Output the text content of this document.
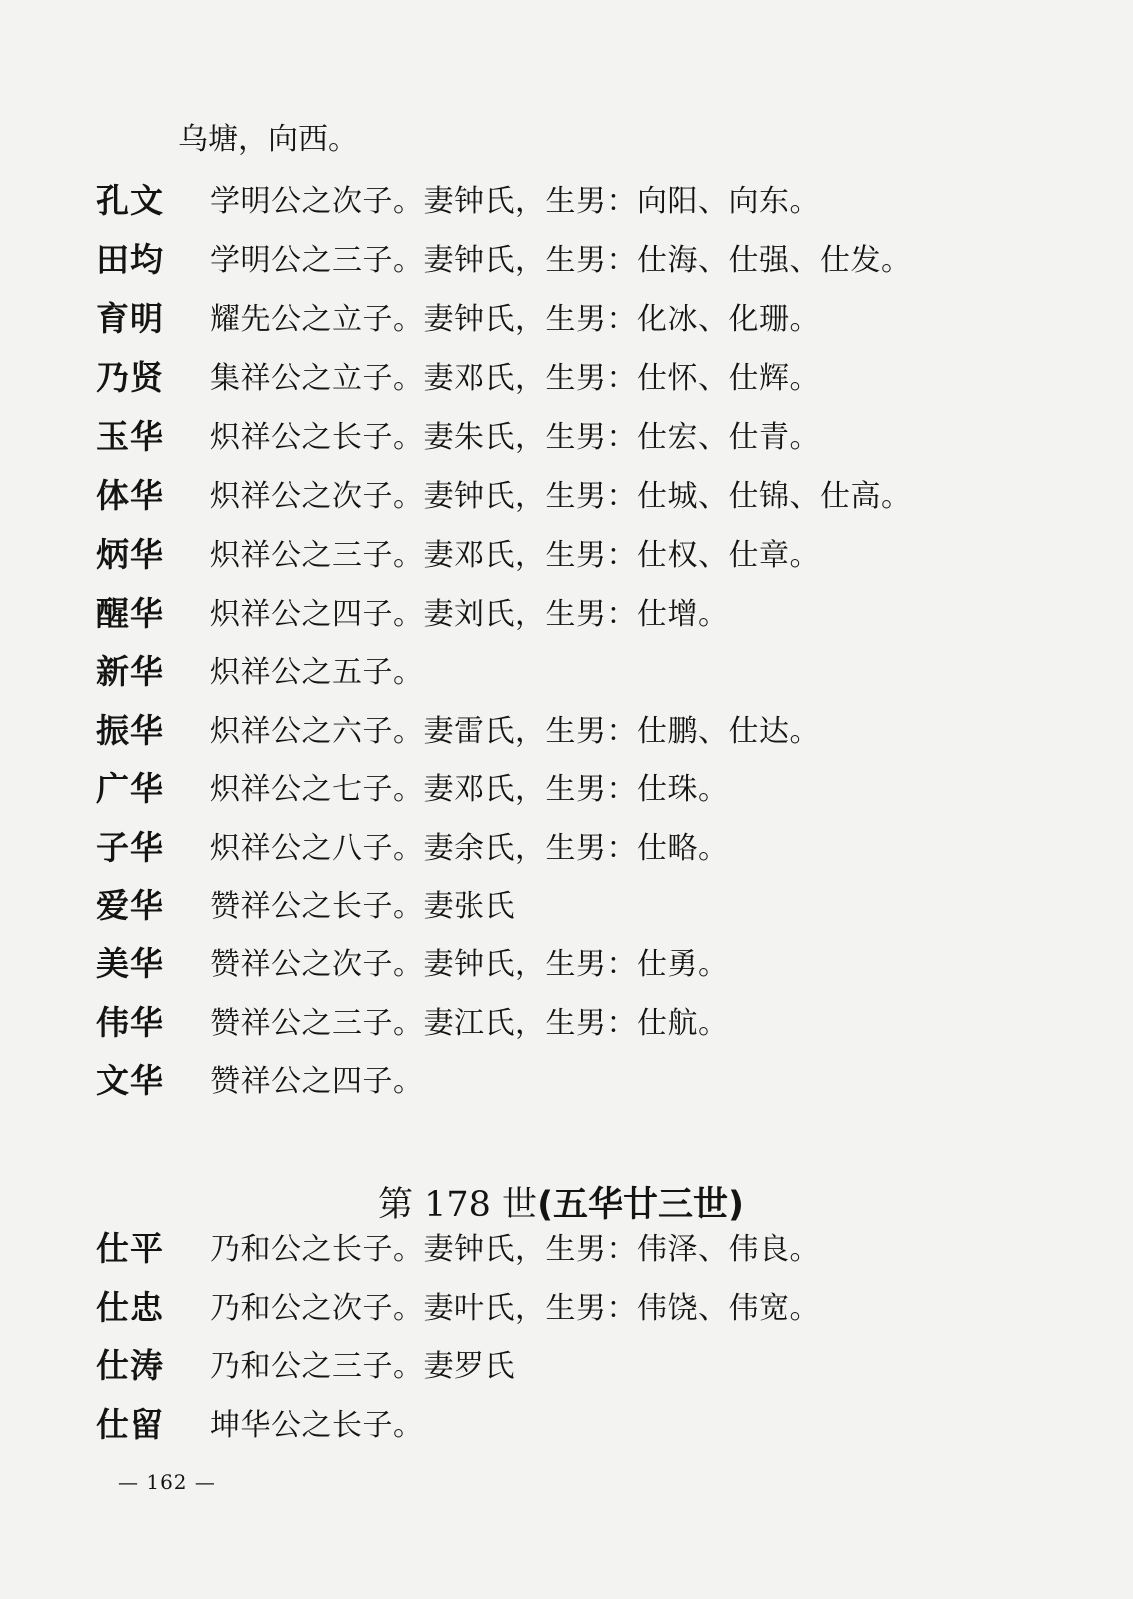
乌塘，向西。
孔文	学明公之次子。妻钟氏，生男：向阳、向东。
田均	学明公之三子。妻钟氏，生男：仕海、仕强、仕发。
育明	耀先公之立子。妻钟氏，生男：化冰、化珊。
乃贤	集祥公之立子。妻邓氏，生男：仕怀、仕辉。
玉华	炽祥公之长子。妻朱氏，生男：仕宏、仕青。
体华	炽祥公之次子。妻钟氏，生男：仕城、仕锦、仕高。
炳华	炽祥公之三子。妻邓氏，生男：仕权、仕章。
醒华	炽祥公之四子。妻刘氏，生男：仕增。
新华	炽祥公之五子。
振华	炽祥公之六子。妻雷氏，生男：仕鹏、仕达。
广华	炽祥公之七子。妻邓氏，生男：仕珠。
子华	炽祥公之八子。妻余氏，生男：仕略。
爱华	赞祥公之长子。妻张氏
美华	赞祥公之次子。妻钟氏，生男：仕勇。
伟华	赞祥公之三子。妻江氏，生男：仕航。
文华	赞祥公之四子。
第 178 世(五华廿三世)
仕平	乃和公之长子。妻钟氏，生男：伟泽、伟良。
仕忠	乃和公之次子。妻叶氏，生男：伟饶、伟宽。
仕涛	乃和公之三子。妻罗氏
仕留	坤华公之长子。
— 162 —
